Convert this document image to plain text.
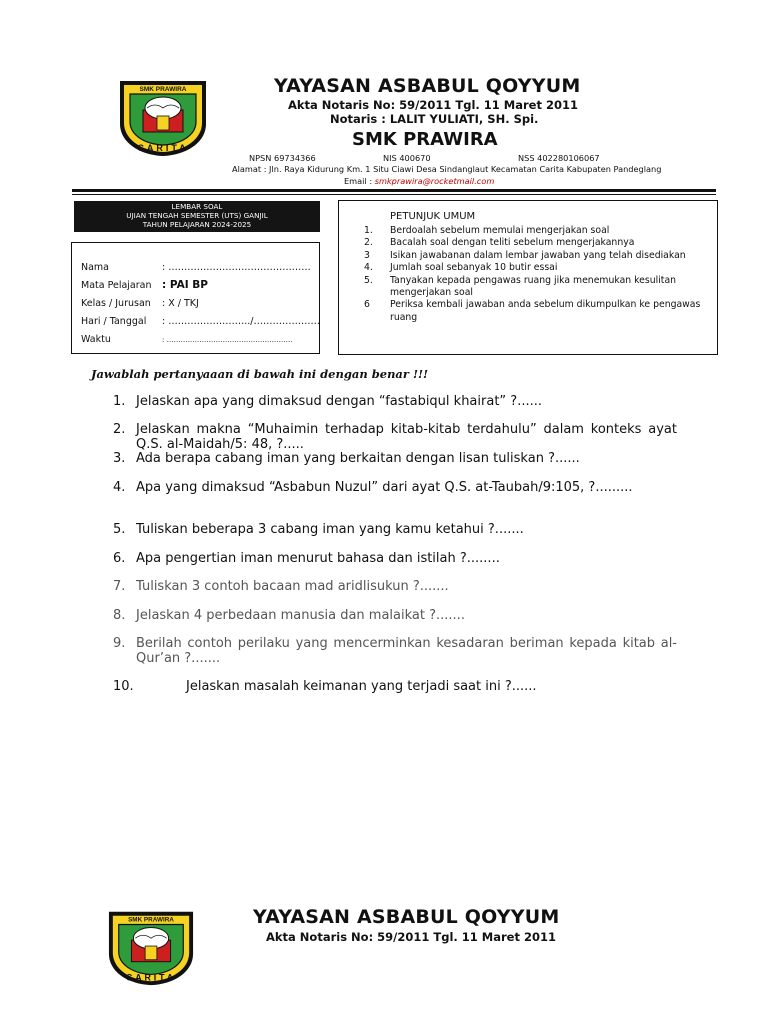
SMK PRAWIRA
CARITA
YAYASAN ASBABUL QOYYUM
Akta Notaris No: 59/2011 Tgl. 11 Maret 2011
Notaris : LALIT YULIATI, SH. Spi.
SMK PRAWIRA
NPSN 69734366	NIS 400670	NSS 402280106067
Alamat : Jln. Raya Kidurung Km. 1 Situ Ciawi Desa Sindanglaut Kecamatan Carita Kabupaten Pandeglang
Email : smkprawira@rocketmail.com
LEMBAR SOAL
UJIAN TENGAH SEMESTER (UTS) GANJIL
TAHUN PELAJARAN 2024-2025
Nama	: ………………………………………
Mata Pelajaran : PAI BP
Kelas / Jurusan : X / TKJ
Hari / Tanggal : ……………………../…………………
Waktu	: ………………………………………………
PETUNJUK UMUM
1.	Berdoalah sebelum memulai mengerjakan soal
2.	Bacalah soal dengan teliti sebelum mengerjakannya
3	Isikan jawabanan dalam lembar jawaban yang telah disediakan
4.	Jumlah soal sebanyak 10 butir essai
5.	Tanyakan kepada pengawas ruang jika menemukan kesulitan mengerjakan soal
6	Periksa kembali jawaban anda sebelum dikumpulkan ke pengawas ruang
Jawablah pertanyaaan di bawah ini dengan benar !!!
1. Jelaskan apa yang dimaksud dengan “fastabiqul khairat” ?......
2. Jelaskan makna “Muhaimin terhadap kitab-kitab terdahulu” dalam konteks ayat Q.S. al-Maidah/5: 48, ?.....
3. Ada berapa cabang iman yang berkaitan dengan lisan tuliskan ?......
4. Apa yang dimaksud “Asbabun Nuzul” dari ayat Q.S. at-Taubah/9:105, ?.........
5. Tuliskan beberapa 3 cabang iman yang kamu ketahui ?.......
6. Apa pengertian iman menurut bahasa dan istilah ?........
7. Tuliskan 3 contoh bacaan mad aridlisukun ?.......
8. Jelaskan 4 perbedaan manusia dan malaikat ?.......
9. Berilah contoh perilaku yang mencerminkan kesadaran beriman kepada kitab al-Qur’an ?.......
10.	Jelaskan masalah keimanan yang terjadi saat ini ?......
SMK PRAWIRA
CARITA
YAYASAN ASBABUL QOYYUM
Akta Notaris No: 59/2011 Tgl. 11 Maret 2011
